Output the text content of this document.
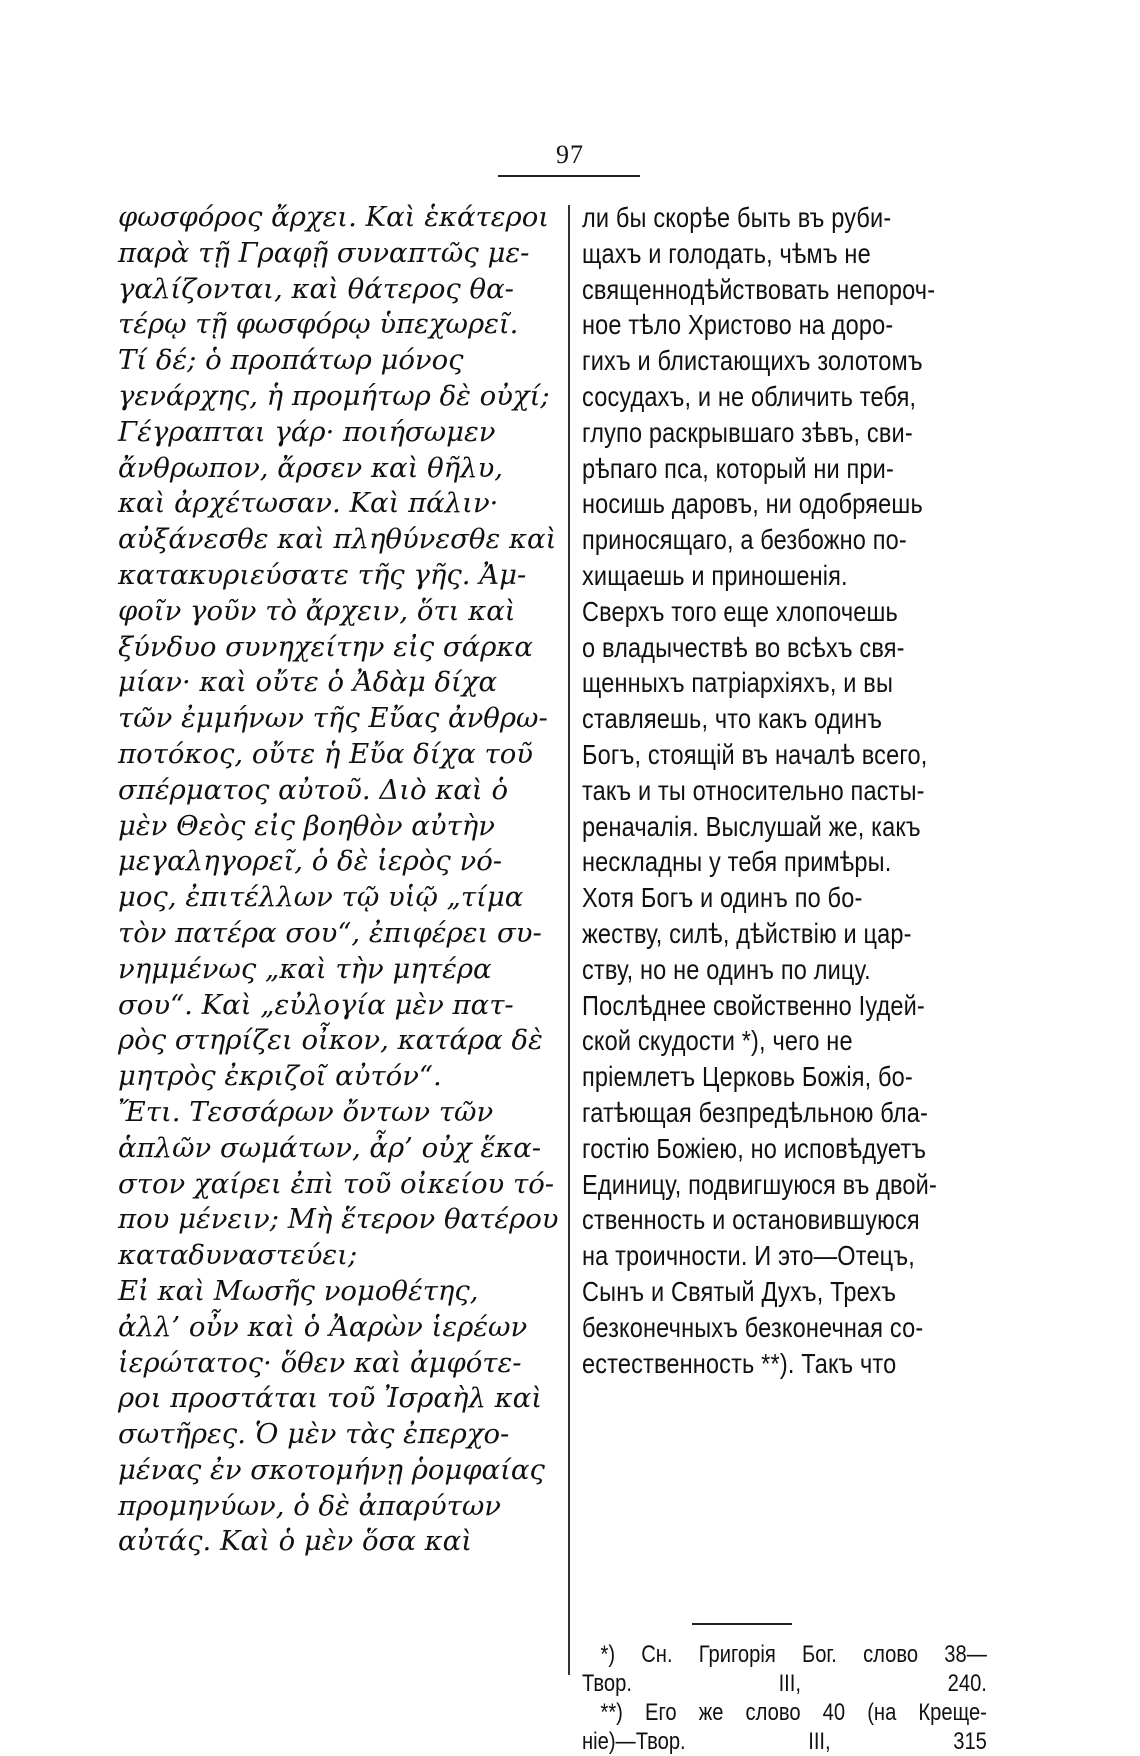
97
φωσφόρος ἄρχει. Καὶ ἑκάτεροι
παρὰ τῇ Γραφῇ συναπτῶς με-
γαλίζονται, καὶ θάτερος θα-
τέρῳ τῇ φωσφόρῳ ὑπεχωρεῖ.
Τί δέ; ὁ προπάτωρ μόνος
γενάρχης, ἡ προμήτωρ δὲ οὐχί;
Γέγραπται γάρ· ποιήσωμεν
ἄνθρωπον, ἄρσεν καὶ θῆλυ,
καὶ ἀρχέτωσαν. Καὶ πάλιν·
αὐξάνεσθε καὶ πληθύνεσθε καὶ
κατακυριεύσατε τῆς γῆς. Ἀμ-
φοῖν γοῦν τὸ ἄρχειν, ὅτι καὶ
ξύνδυο συνηχείτην εἰς σάρκα
μίαν· καὶ οὔτε ὁ Ἀδὰμ δίχα
τῶν ἐμμήνων τῆς Εὔας ἀνθρω-
ποτόκος, οὔτε ἡ Εὔα δίχα τοῦ
σπέρματος αὐτοῦ. Διὸ καὶ ὁ
μὲν Θεὸς εἰς βοηθὸν αὐτὴν
μεγαληγορεῖ, ὁ δὲ ἱερὸς νό-
μος, ἐπιτέλλων τῷ υἱῷ „τίμα
τὸν πατέρα σου“, ἐπιφέρει συ-
νημμένως „καὶ τὴν μητέρα
σου“. Καὶ „εὐλογία μὲν πατ-
ρὸς στηρίζει οἶκον, κατάρα δὲ
μητρὸς ἐκριζοῖ αὐτόν“.
Ἔτι. Τεσσάρων ὄντων τῶν
ἁπλῶν σωμάτων, ἆρ’ οὐχ ἕκα-
στον χαίρει ἐπὶ τοῦ οἰκείου τό-
που μένειν; Μὴ ἕτερον θατέρου
καταδυναστεύει;
Εἰ καὶ Μωσῆς νομοθέτης,
ἀλλ’ οὖν καὶ ὁ Ἀαρὼν ἱερέων
ἱερώτατος· ὅθεν καὶ ἀμφότε-
ροι προστάται τοῦ Ἰσραὴλ καὶ
σωτῆρες. Ὁ μὲν τὰς ἐπερχο-
μένας ἐν σκοτομήνῃ ῥομφαίας
προμηνύων, ὁ δὲ ἀπαρύτων
αὐτάς. Καὶ ὁ μὲν ὅσα καὶ
ли бы скорѣе быть въ руби-
щахъ и голодать, чѣмъ не
священнодѣйствовать непороч-
ное тѣло Христово на доро-
гихъ и блистающихъ золотомъ
сосудахъ, и не обличить тебя,
глупо раскрывшаго зѣвъ, сви-
рѣпаго пса, который ни при-
носишь даровъ, ни одобряешь
приносящаго, а безбожно по-
хищаешь и приношенія.
Сверхъ того еще хлопочешь
о владычествѣ во всѣхъ свя-
щенныхъ патріархіяхъ, и вы
ставляешь, что какъ одинъ
Богъ, стоящій въ началѣ всего,
такъ и ты относительно пасты-
реначалія. Выслушай же, какъ
нескладны у тебя примѣры.
Хотя Богъ и одинъ по бо-
жеству, силѣ, дѣйствію и цар-
ству, но не одинъ по лицу.
Послѣднее свойственно Іудей-
ской скудости *), чего не
пріемлетъ Церковь Божія, бо-
гатѣющая безпредѣльною бла-
гостію Божіею, но исповѣдуетъ
Единицу, подвигшуюся въ двой-
ственность и остановившуюся
на троичности. И это—Отецъ,
Сынъ и Святый Духъ, Трехъ
безконечныхъ безконечная со-
естественность **). Такъ что
*) Сн. Григорія Бог. слово 38—
Твор. III, 240.
**) Его же слово 40 (на Креще-
ніе)—Твор. III, 315
